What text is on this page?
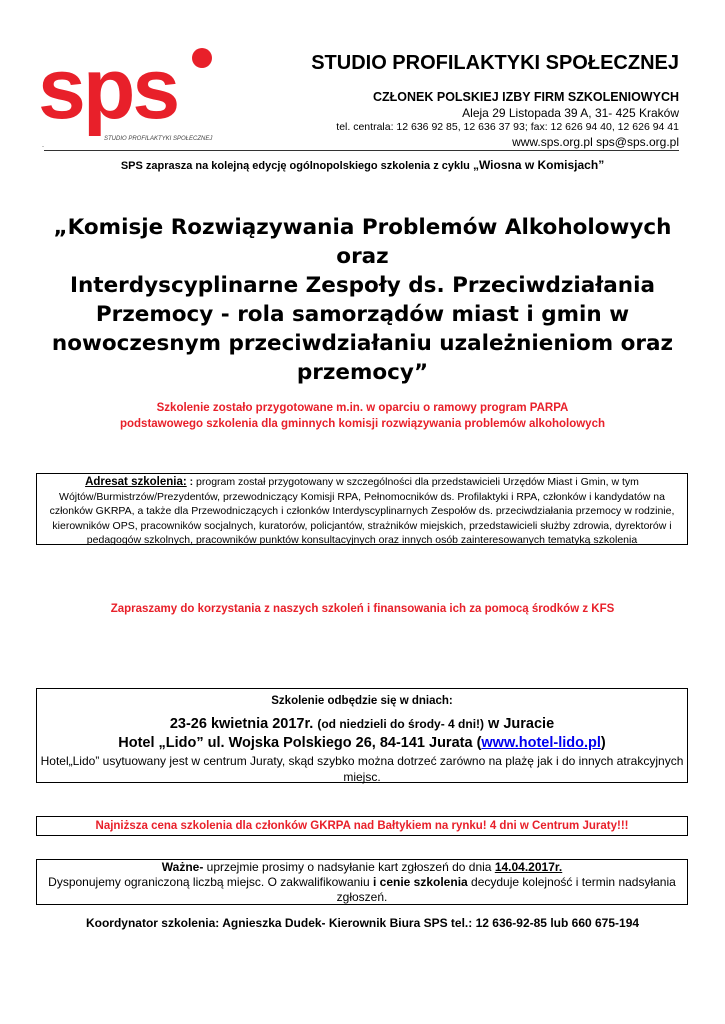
sps
STUDIO PROFILAKTYKI SPOŁECZNEJ
STUDIO PROFILAKTYKI SPOŁECZNEJ
CZŁONEK POLSKIEJ IZBY FIRM SZKOLENIOWYCH
Aleja 29 Listopada 39 A, 31- 425 Kraków
tel. centrala: 12 636 92 85, 12 636 37 93; fax: 12 626 94 40, 12 626 94 41
www.sps.org.pl sps@sps.org.pl
-
SPS zaprasza na kolejną edycję ogólnopolskiego szkolenia z cyklu „Wiosna w Komisjach”
„Komisje Rozwiązywania Problemów Alkoholowych oraz
Interdyscyplinarne Zespoły ds. Przeciwdziałania
Przemocy - rola samorządów miast i gmin w
nowoczesnym przeciwdziałaniu uzależnieniom oraz
przemocy”
Szkolenie zostało przygotowane m.in. w oparciu o ramowy program PARPA
podstawowego szkolenia dla gminnych komisji rozwiązywania problemów alkoholowych
Adresat szkolenia: : program został przygotowany w szczególności dla przedstawicieli Urzędów Miast i Gmin, w tym Wójtów/Burmistrzów/Prezydentów, przewodniczący Komisji RPA, Pełnomocników ds. Profilaktyki i RPA, członków i kandydatów na członków GKRPA, a także dla Przewodniczących i członków Interdyscyplinarnych Zespołów ds. przeciwdziałania przemocy w rodzinie, kierowników OPS, pracowników socjalnych, kuratorów, policjantów, strażników miejskich, przedstawicieli służby zdrowia, dyrektorów i pedagogów szkolnych, pracowników punktów konsultacyjnych oraz innych osób zainteresowanych tematyką szkolenia
Zapraszamy do korzystania z naszych szkoleń i finansowania ich za pomocą środków z KFS
Szkolenie odbędzie się w dniach:
23-26 kwietnia 2017r. (od niedzieli do środy- 4 dni!) w Juracie
Hotel „Lido” ul. Wojska Polskiego 26, 84-141 Jurata (www.hotel-lido.pl)
Hotel„Lido” usytuowany jest w centrum Juraty, skąd szybko można dotrzeć zarówno na plażę jak i do innych atrakcyjnych miejsc.
Najniższa cena szkolenia dla członków GKRPA nad Bałtykiem na rynku! 4 dni w Centrum Juraty!!!
Ważne- uprzejmie prosimy o nadsyłanie kart zgłoszeń do dnia 14.04.2017r.
Dysponujemy ograniczoną liczbą miejsc. O zakwalifikowaniu i cenie szkolenia decyduje kolejność i termin nadsyłania zgłoszeń.
Koordynator szkolenia: Agnieszka Dudek- Kierownik Biura SPS tel.: 12 636-92-85 lub 660 675-194
